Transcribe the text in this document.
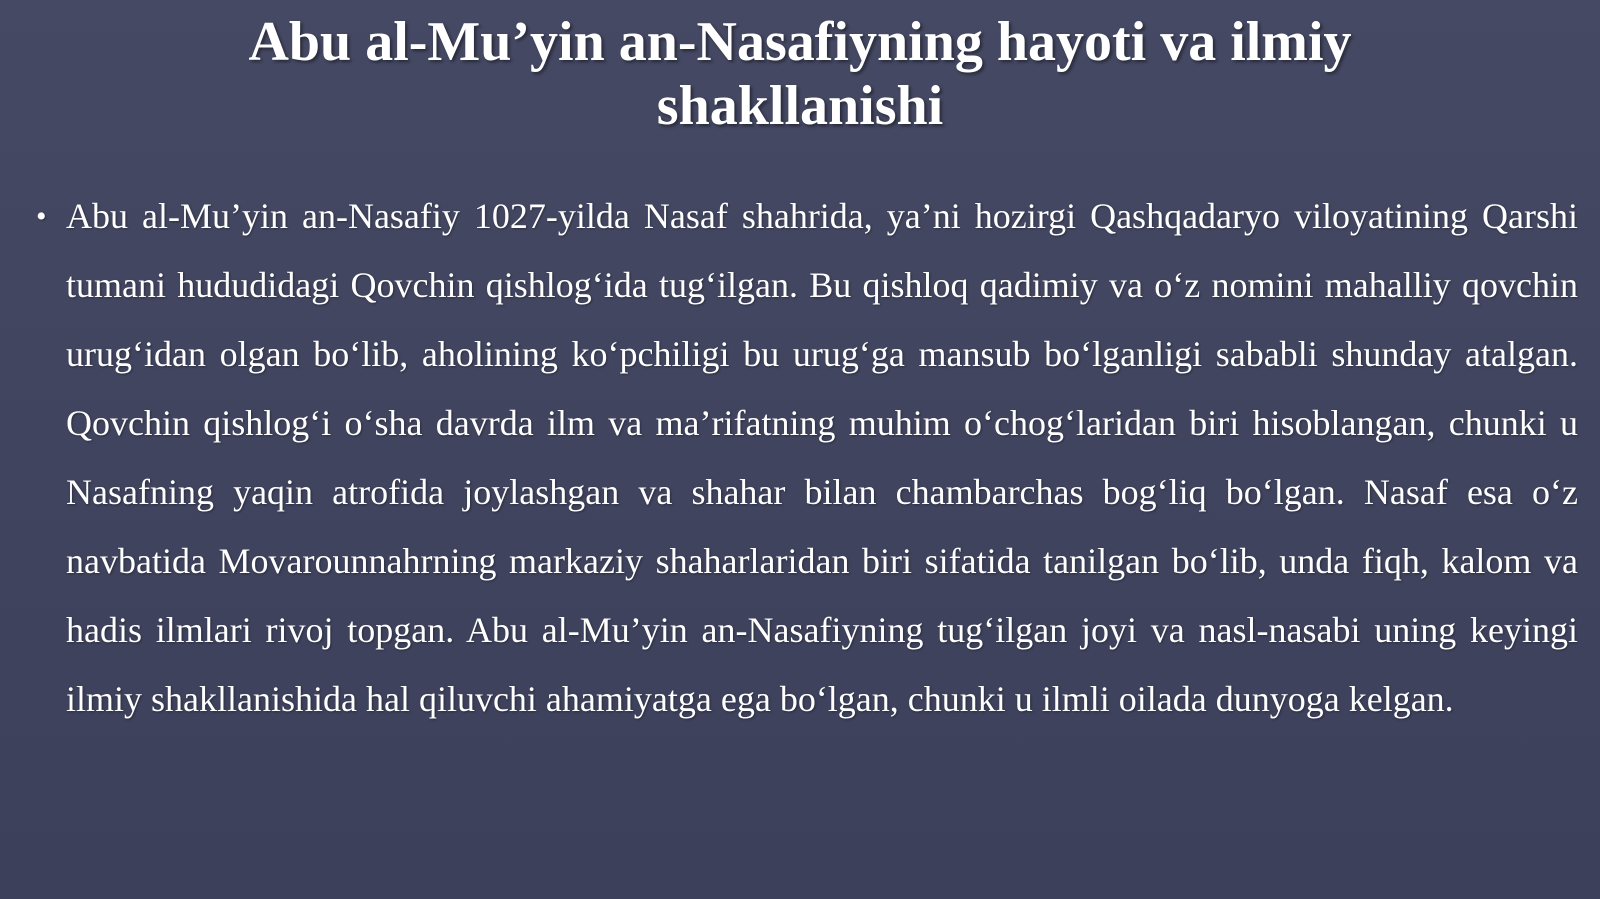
Abu al-Mu’yin an-Nasafiyning hayoti va ilmiy
shakllanishi
• Abu al-Mu’yin an-Nasafiy 1027-yilda Nasaf shahrida, ya’ni hozirgi Qashqadaryo viloyatining Qarshi tumani hududidagi Qovchin qishlog‘ida tug‘ilgan. Bu qishloq qadimiy va o‘z nomini mahalliy qovchin urug‘idan olgan bo‘lib, aholining ko‘pchiligi bu urug‘ga mansub bo‘lganligi sababli shunday atalgan. Qovchin qishlog‘i o‘sha davrda ilm va ma’rifatning muhim o‘chog‘laridan biri hisoblangan, chunki u Nasafning yaqin atrofida joylashgan va shahar bilan chambarchas bog‘liq bo‘lgan. Nasaf esa o‘z navbatida Movarounnahrning markaziy shaharlaridan biri sifatida tanilgan bo‘lib, unda fiqh, kalom va hadis ilmlari rivoj topgan. Abu al-Mu’yin an-Nasafiyning tug‘ilgan joyi va nasl-nasabi uning keyingi ilmiy shakllanishida hal qiluvchi ahamiyatga ega bo‘lgan, chunki u ilmli oilada dunyoga kelgan.
